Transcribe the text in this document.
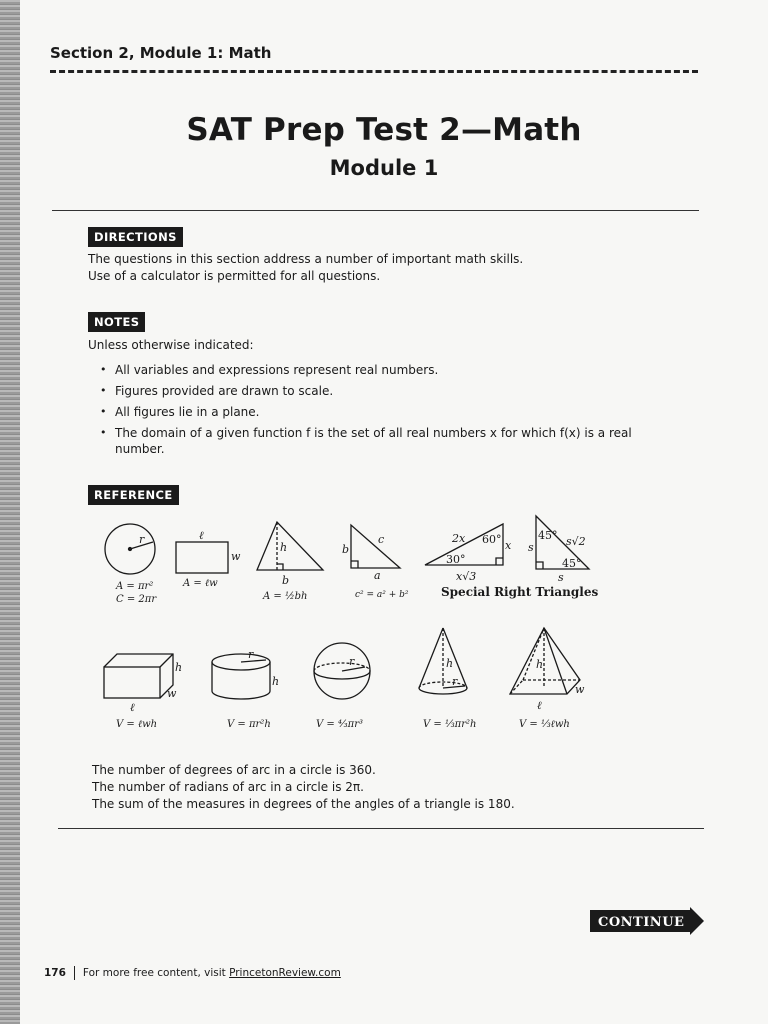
Section 2, Module 1: Math
SAT Prep Test 2—Math
Module 1
DIRECTIONS
The questions in this section address a number of important math skills.
Use of a calculator is permitted for all questions.
NOTES
Unless otherwise indicated:
• All variables and expressions represent real numbers.
• Figures provided are drawn to scale.
• All figures lie in a plane.
• The domain of a given function f is the set of all real numbers x for which f(x) is a real number.
REFERENCE
r
A = πr²
C = 2πr
ℓ
w
A = ℓw
h
b
A = ½bh
b
c
a
c² = a² + b²
2x 60° x
30°
x√3
45°
s	s√2
45°
s
Special Right Triangles
h
w
ℓ
V = ℓwh
r
h
V = πr²h
r
V = ⁴⁄₃πr³
h
r
V = ⅓πr²h
h
w
ℓ
V = ⅓ℓwh
The number of degrees of arc in a circle is 360.
The number of radians of arc in a circle is 2π.
The sum of the measures in degrees of the angles of a triangle is 180.
CONTINUE
176 For more free content, visit PrincetonReview.com
